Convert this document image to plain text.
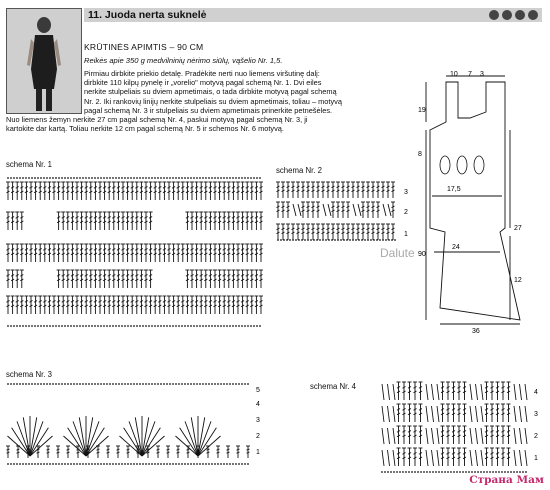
11. Juoda nerta suknelė
KRŪTINĖS APIMTIS – 90 CM
Reikės apie 350 g medvilninių nėrimo siūlų, vąšelio Nr. 1,5.

Pirmiau dirbkite priekio detalę. Pradėkite nerti nuo liemens viršutinę dalį:

dirbkite 110 kilpų pynelę ir „vorelio" motyvą pagal schemą Nr. 1. Dvi eiles

nerkite stulpeliais su dviem apmetimais, o tada dirbkite motyvą pagal schemą

Nr. 2. Iki rankovių linijų nerkite stulpeliais su dviem apmetimais, toliau – motyvą

pagal schemą Nr. 3 ir stulpeliais su dviem apmetimais prinerkite petnešėles.

Nuo liemens žemyn nerkite 27 cm pagal schemą Nr. 4, paskui motyvą pagal schemą Nr. 3, ji

kartokite dar kartą. Toliau nerkite 12 cm pagal schemą Nr. 5 ir schemos Nr. 6 motyvą.

10 7 3
19
8
17,5
24
90
27
12
36
Dalute
schema Nr. 1
schema Nr. 2
schema Nr. 3
schema Nr. 4
3
2
1
5
4
3
2
1
4
3
2
1
Страна Мам
